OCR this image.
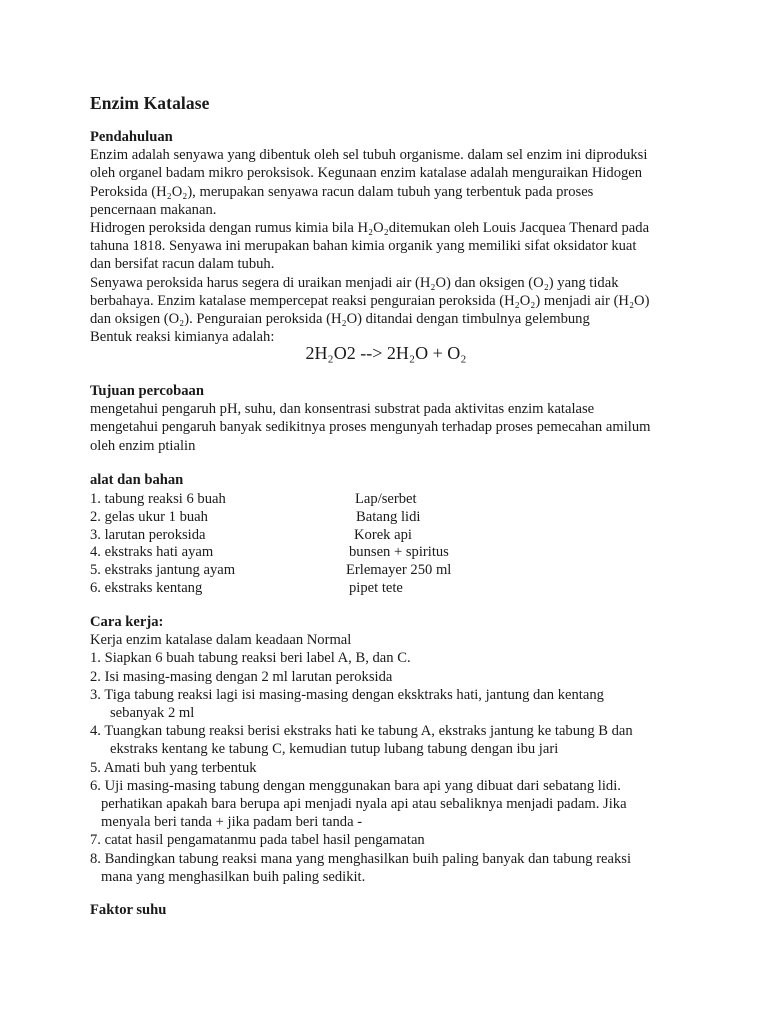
Enzim Katalase

Pendahuluan

Enzim adalah senyawa yang dibentuk oleh sel tubuh organisme. dalam sel enzim ini diproduksi

oleh organel badam mikro peroksisok. Kegunaan enzim katalase adalah menguraikan Hidogen

Peroksida (H₂O₂), merupakan senyawa racun dalam tubuh yang terbentuk pada proses

pencernaan makanan.

Hidrogen peroksida dengan rumus kimia bila H₂O₂ditemukan oleh Louis Jacquea Thenard pada

tahuna 1818. Senyawa ini merupakan bahan kimia organik yang memiliki sifat oksidator kuat

dan bersifat racun dalam tubuh.

Senyawa peroksida harus segera di uraikan menjadi air (H₂O) dan oksigen (O₂) yang tidak

berbahaya. Enzim katalase mempercepat reaksi penguraian peroksida (H₂O₂) menjadi air (H₂O)

dan oksigen (O₂). Penguraian peroksida (H₂O) ditandai dengan timbulnya gelembung

Bentuk reaksi kimianya adalah:

2H₂O2 --> 2H₂O + O₂

Tujuan percobaan

mengetahui pengaruh pH, suhu, dan konsentrasi substrat pada aktivitas enzim katalase

mengetahui pengaruh banyak sedikitnya proses mengunyah terhadap proses pemecahan amilum

oleh enzim ptialin

alat dan bahan
1. tabung reaksi 6 buah	Lap/serbet
2. gelas ukur 1 buah	Batang lidi
3. larutan peroksida	Korek api
4. ekstraks hati ayam	bunsen + spiritus
5. ekstraks jantung ayam	Erlemayer 250 ml
6. ekstraks kentang	pipet tete

Cara kerja:

Kerja enzim katalase dalam keadaan Normal

1. Siapkan 6 buah tabung reaksi beri label A, B, dan C.

2. Isi masing-masing dengan 2 ml larutan peroksida

3. Tiga tabung reaksi lagi isi masing-masing dengan eksktraks hati, jantung dan kentang

sebanyak 2 ml

4. Tuangkan tabung reaksi berisi ekstraks hati ke tabung A, ekstraks jantung ke tabung B dan

ekstraks kentang ke tabung C, kemudian tutup lubang tabung dengan ibu jari

5. Amati buh yang terbentuk

6. Uji masing-masing tabung dengan menggunakan bara api yang dibuat dari sebatang lidi.

perhatikan apakah bara berupa api menjadi nyala api atau sebaliknya menjadi padam. Jika

menyala beri tanda + jika padam beri tanda -

7. catat hasil pengamatanmu pada tabel hasil pengamatan

8. Bandingkan tabung reaksi mana yang menghasilkan buih paling banyak dan tabung reaksi

mana yang menghasilkan buih paling sedikit.

Faktor suhu
